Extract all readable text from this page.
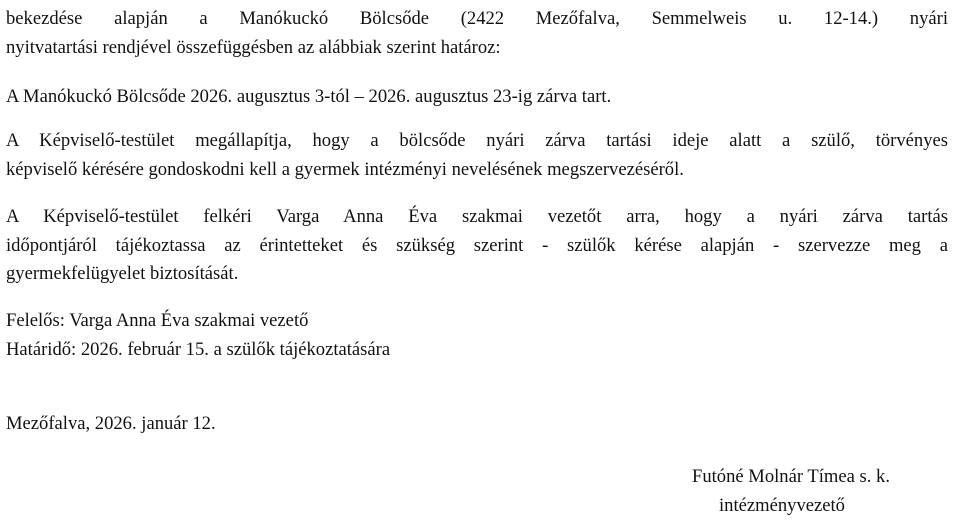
bekezdése alapján a Manókuckó Bölcsőde (2422 Mezőfalva, Semmelweis u. 12-14.) nyári
nyitvatartási rendjével összefüggésben az alábbiak szerint határoz:
A Manókuckó Bölcsőde 2026. augusztus 3-tól – 2026. augusztus 23-ig zárva tart.
A Képviselő-testület megállapítja, hogy a bölcsőde nyári zárva tartási ideje alatt a szülő, törvényes
képviselő kérésére gondoskodni kell a gyermek intézményi nevelésének megszervezéséről.
A Képviselő-testület felkéri Varga Anna Éva szakmai vezetőt arra, hogy a nyári zárva tartás
időpontjáról tájékoztassa az érintetteket és szükség szerint - szülők kérése alapján - szervezze meg a
gyermekfelügyelet biztosítását.
Felelős: Varga Anna Éva szakmai vezető
Határidő: 2026. február 15. a szülők tájékoztatására
Mezőfalva, 2026. január 12.
Futóné Molnár Tímea s. k.
intézményvezető
